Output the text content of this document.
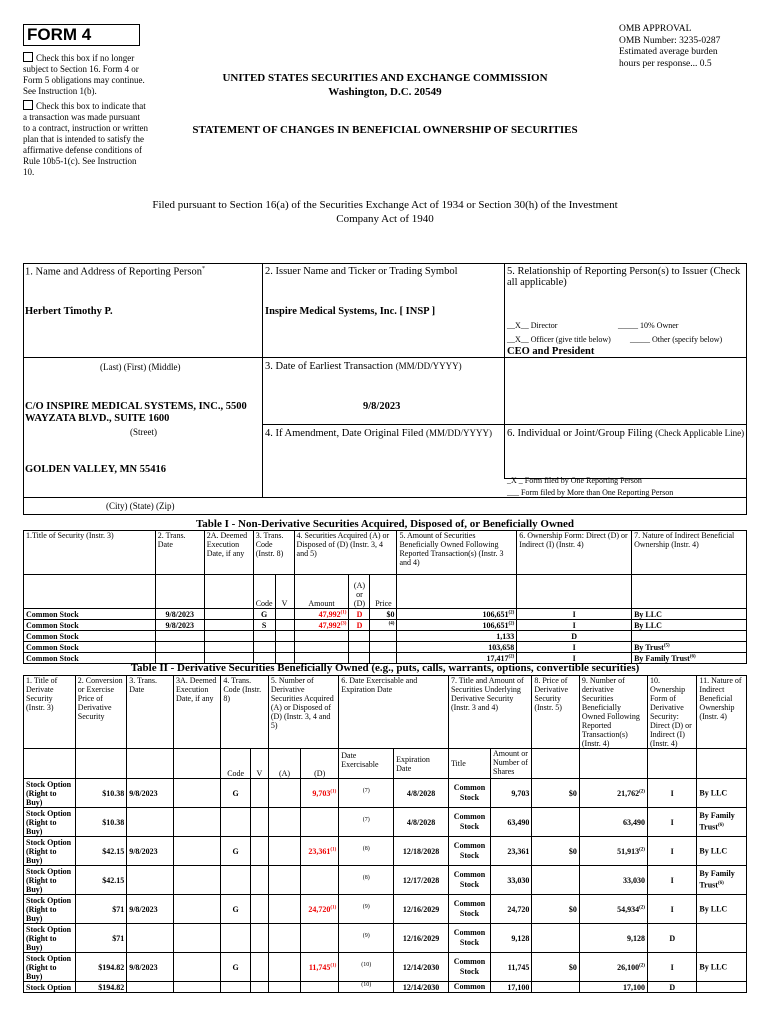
FORM 4
Check this box if no longer subject to Section 16. Form 4 or Form 5 obligations may continue. See Instruction 1(b).
Check this box to indicate that a transaction was made pursuant to a contract, instruction or written plan that is intended to satisfy the affirmative defense conditions of Rule 10b5-1(c). See Instruction 10.
OMB APPROVAL
OMB Number: 3235-0287
Estimated average burden
hours per response... 0.5
UNITED STATES SECURITIES AND EXCHANGE COMMISSION
Washington, D.C. 20549
STATEMENT OF CHANGES IN BENEFICIAL OWNERSHIP OF SECURITIES
Filed pursuant to Section 16(a) of the Securities Exchange Act of 1934 or Section 30(h) of the Investment Company Act of 1940
1. Name and Address of Reporting Person*
Herbert Timothy P.
(Last) (First) (Middle)
C/O INSPIRE MEDICAL SYSTEMS, INC., 5500 WAYZATA BLVD., SUITE 1600
(Street)
GOLDEN VALLEY, MN 55416
(City) (State) (Zip)
2. Issuer Name and Ticker or Trading Symbol
Inspire Medical Systems, Inc. [ INSP ]
3. Date of Earliest Transaction (MM/DD/YYYY)
9/8/2023
4. If Amendment, Date Original Filed (MM/DD/YYYY)
5. Relationship of Reporting Person(s) to Issuer (Check all applicable)
__X__ Director	_____ 10% Owner
__X__ Officer (give title below) _____ Other (specify below)
CEO and President
6. Individual or Joint/Group Filing (Check Applicable Line)
_X _ Form filed by One Reporting Person
___ Form filed by More than One Reporting Person
Table I - Non-Derivative Securities Acquired, Disposed of, or Beneficially Owned
1.Title of Security (Instr. 3)	2. Trans. Date	2A. Deemed Execution Date, if any	3. Trans. Code (Instr. 8)		4. Securities Acquired (A) or Disposed of (D) (Instr. 3, 4 and 5)			5. Amount of Securities Beneficially Owned Following Reported Transaction(s) (Instr. 3 and 4)	6. Ownership Form: Direct (D) or Indirect (I) (Instr. 4)	7. Nature of Indirect Beneficial Ownership (Instr. 4)
			Code	V	Amount	(A) or (D)	Price			
Common Stock	9/8/2023		G		47,992$^{(1)}$	D	$0	106,651$^{(2)}$	I	By LLC
Common Stock	9/8/2023		S		47,992$^{(3)}$	D	$^{(4)}$	106,651$^{(2)}$	I	By LLC
Common Stock								1,133	D	
Common Stock								103,658	I	By Trust$^{(5)}$
Common Stock								17,417$^{(2)}$	I	By Family Trust$^{(6)}$
Table II - Derivative Securities Beneficially Owned (e.g., puts, calls, warrants, options, convertible securities)
1. Title of Derivate Security (Instr. 3)	2. Conversion or Exercise Price of Derivative Security	3. Trans. Date	3A. Deemed Execution Date, if any	4. Trans. Code (Instr. 8)		5. Number of Derivative Securities Acquired (A) or Disposed of (D) (Instr. 3, 4 and 5)		6. Date Exercisable and Expiration Date		7. Title and Amount of Securities Underlying Derivative Security (Instr. 3 and 4)		8. Price of Derivative Security (Instr. 5)	9. Number of derivative Securities Beneficially Owned Following Reported Transaction(s) (Instr. 4)	10. Ownership Form of Derivative Security: Direct (D) or Indirect (I) (Instr. 4)	11. Nature of Indirect Beneficial Ownership (Instr. 4)
				Code	V	(A)	(D)	Date Exercisable	Expiration Date	Title	Amount or Number of Shares				
Stock Option (Right to Buy)	$10.38	9/8/2023		G			9,703$^{(1)}$	$^{(7)}$	4/8/2028	Common Stock	9,703	$0	21,762$^{(2)}$	I	By LLC
Stock Option (Right to Buy)	$10.38							$^{(7)}$	4/8/2028	Common Stock	63,490		63,490	I	By Family Trust$^{(6)}$
Stock Option (Right to Buy)	$42.15	9/8/2023		G			23,361$^{(1)}$	$^{(8)}$	12/18/2028	Common Stock	23,361	$0	51,913$^{(2)}$	I	By LLC
Stock Option (Right to Buy)	$42.15							$^{(8)}$	12/17/2028	Common Stock	33,030		33,030	I	By Family Trust$^{(6)}$
Stock Option (Right to Buy)	$71	9/8/2023		G			24,720$^{(1)}$	$^{(9)}$	12/16/2029	Common Stock	24,720	$0	54,934$^{(2)}$	I	By LLC
Stock Option (Right to Buy)	$71							$^{(9)}$	12/16/2029	Common Stock	9,128		9,128	D	
Stock Option (Right to Buy)	$194.82	9/8/2023		G			11,745$^{(1)}$	$^{(10)}$	12/14/2030	Common Stock	11,745	$0	26,100$^{(2)}$	I	By LLC
Stock Option	$194.82							$^{(10)}$	12/14/2030	Common	17,100		17,100	D	
